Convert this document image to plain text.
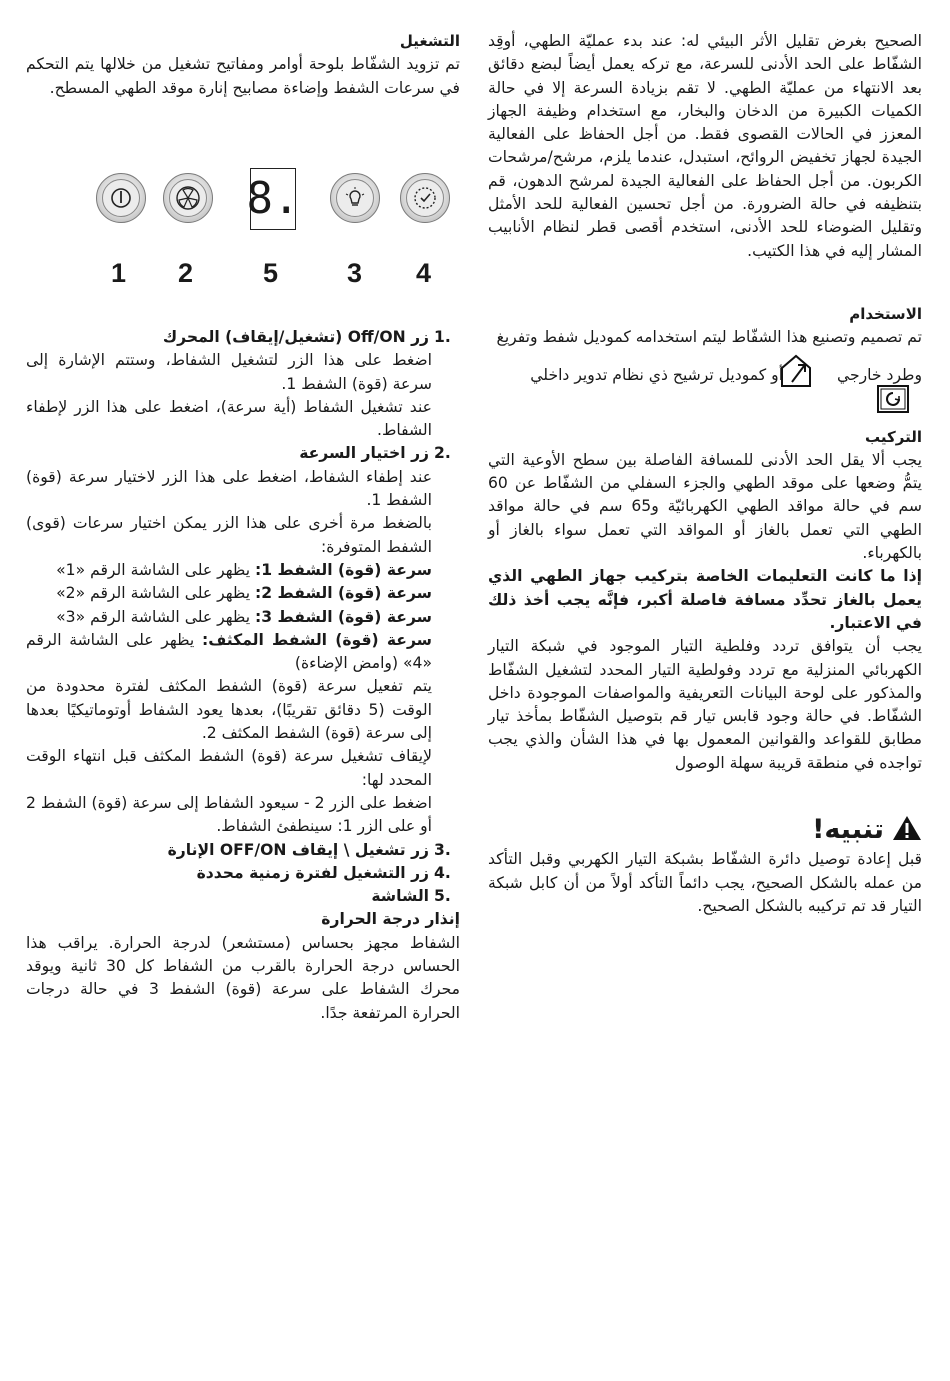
الصحيح بغرض تقليل الأثر البيئي له: عند بدء عمليّة الطهي، أوقِد الشفّاط على الحد الأدنى للسرعة، مع تركه يعمل أيضاً لبضع دقائق بعد الانتهاء من عمليّة الطهي. لا تقم بزيادة السرعة إلا في حالة الكميات الكبيرة من الدخان والبخار، مع استخدام وظيفة الجهاز المعزز في الحالات القصوى فقط. من أجل الحفاظ على الفعالية الجيدة لجهاز تخفيض الروائح، استبدل، عندما يلزم، مرشح/مرشحات الكربون. من أجل الحفاظ على الفعالية الجيدة لمرشح الدهون، قم بتنظيفه في حالة الضرورة. من أجل تحسين الفعالية للحد الأمثل وتقليل الضوضاء للحد الأدنى، استخدم أقصى قطر لنظام الأنابيب المشار إليه في هذا الكتيب.

الاستخدام

تم تصميم وتصنيع هذا الشفّاط ليتم استخدامه كموديل شفط وتفريغ

وطرد خارجي  أو كموديل ترشيح ذي نظام تدوير داخلي
التركيب

يجب ألا يقل الحد الأدنى للمسافة الفاصلة بين سطح الأوعية التي يتمُّ وضعها على موقد الطهي والجزء السفلي من الشفّاط عن 60 سم في حالة مواقد الطهي الكهربائيّة و65 سم في حالة مواقد الطهي التي تعمل بالغاز أو المواقد التي تعمل سواء بالغاز أو بالكهرباء.

إذا ما كانت التعليمات الخاصة بتركيب جهاز الطهي الذي يعمل بالغاز تحدِّد مسافة فاصلة أكبر، فإنَّه يجب أخذ ذلك في الاعتبار.

يجب أن يتوافق تردد وفلطية التيار الموجود في شبكة التيار الكهربائي المنزلية مع تردد وفولطية التيار المحدد لتشغيل الشفّاط والمذكور على لوحة البيانات التعريفية والمواصفات الموجودة داخل الشفّاط. في حالة وجود قابس تيار قم بتوصيل الشفّاط بمأخذ تيار مطابق للقواعد والقوانين المعمول بها في هذا الشأن والذي يجب تواجده في منطقة قريبة سهلة الوصول

تنبيه!

قبل إعادة توصيل دائرة الشفّاط بشبكة التيار الكهربي وقبل التأكد من عمله بالشكل الصحيح، يجب دائماً التأكد أولاً من أن كابل شبكة التيار قد تم تركيبه بالشكل الصحيح.

التشغيل

تم تزويد الشفّاط بلوحة أوامر ومفاتيح تشغيل من خلالها يتم التحكم في سرعات الشفط وإضاءة مصابيح إنارة موقد الطهي المسطح.

8.
1 2	5	3 4
1. زر Off/ON (تشغيل/إيقاف) المحرك

اضغط على هذا الزر لتشغيل الشفاط، وستتم الإشارة إلى سرعة (قوة) الشفط 1.

عند تشغيل الشفاط (أية سرعة)، اضغط على هذا الزر لإطفاء الشفاط.

2. زر اختيار السرعة

عند إطفاء الشفاط، اضغط على هذا الزر لاختيار سرعة (قوة) الشفط 1.

بالضغط مرة أخرى على هذا الزر يمكن اختيار سرعات (قوى) الشفط المتوفرة:

سرعة (قوة) الشفط 1: يظهر على الشاشة الرقم «1»

سرعة (قوة) الشفط 2: يظهر على الشاشة الرقم «2»

سرعة (قوة) الشفط 3: يظهر على الشاشة الرقم «3»

سرعة (قوة) الشفط المكثف: يظهر على الشاشة الرقم «4» (وامض الإضاءة)

يتم تفعيل سرعة (قوة) الشفط المكثف لفترة محدودة من الوقت (5 دقائق تقريبًا)، بعدها يعود الشفاط أوتوماتيكيًا بعدها إلى سرعة (قوة) الشفط المكثف 2.

لإيقاف تشغيل سرعة (قوة) الشفط المكثف قبل انتهاء الوقت المحدد لها:

اضغط على الزر 2 - سيعود الشفاط إلى سرعة (قوة) الشفط 2 أو على الزر 1: سينطفئ الشفاط.

3. زر تشغيل \ إيقاف OFF/ON الإنارة
4. زر التشغيل لفترة زمنية محددة
5. الشاشة
إنذار درجة الحرارة

الشفاط مجهز بحساس (مستشعر) لدرجة الحرارة. يراقب هذا الحساس درجة الحرارة بالقرب من الشفاط كل 30 ثانية ويوقد محرك الشفاط على سرعة (قوة) الشفط 3 في حالة درجات الحرارة المرتفعة جدًا.
